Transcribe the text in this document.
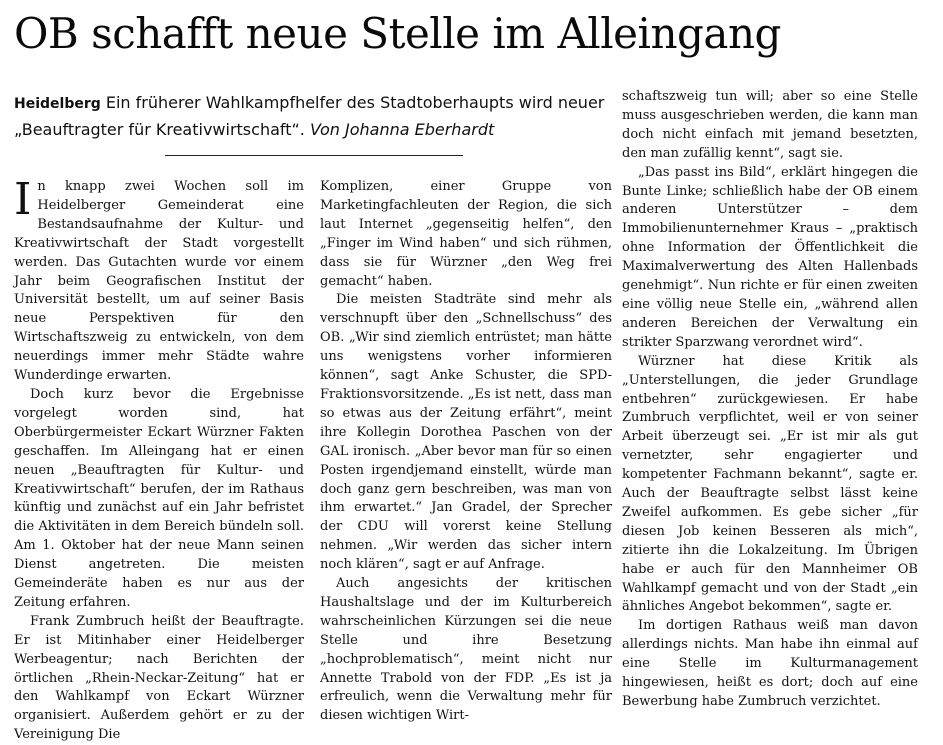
OB schafft neue Stelle im Alleingang
Heidelberg Ein früherer Wahlkampfhelfer des Stadtoberhaupts wird neuer „Beauftragter für Kreativwirtschaft“. Von Johanna Eberhardt

In knapp zwei Wochen soll im Heidelberger Gemeinderat eine Bestandsaufnahme der Kultur- und Kreativwirtschaft der Stadt vorgestellt werden. Das Gutachten wurde vor einem Jahr beim Geografischen Institut der Universität bestellt, um auf seiner Basis neue Perspektiven für den Wirtschaftszweig zu entwickeln, von dem neuerdings immer mehr Städte wahre Wunderdinge erwarten.

Doch kurz bevor die Ergebnisse vorgelegt worden sind, hat Oberbürgermeister Eckart Würzner Fakten geschaffen. Im Alleingang hat er einen neuen „Beauftragten für Kultur- und Kreativwirtschaft“ berufen, der im Rathaus künftig und zunächst auf ein Jahr befristet die Aktivitäten in dem Bereich bündeln soll. Am 1. Oktober hat der neue Mann seinen Dienst angetreten. Die meisten Gemeinderäte haben es nur aus der Zeitung erfahren.

Frank Zumbruch heißt der Beauftragte. Er ist Mitinhaber einer Heidelberger Werbeagentur; nach Berichten der örtlichen „Rhein-Neckar-Zeitung“ hat er den Wahlkampf von Eckart Würzner organisiert. Außerdem gehört er zu der Vereinigung Die

Komplizen, einer Gruppe von Marketingfachleuten der Region, die sich laut Internet „gegenseitig helfen“, den „Finger im Wind haben“ und sich rühmen, dass sie für Würzner „den Weg frei gemacht“ haben.

Die meisten Stadträte sind mehr als verschnupft über den „Schnellschuss“ des OB. „Wir sind ziemlich entrüstet; man hätte uns wenigstens vorher informieren können“, sagt Anke Schuster, die SPD-Fraktionsvorsitzende. „Es ist nett, dass man so etwas aus der Zeitung erfährt“, meint ihre Kollegin Dorothea Paschen von der GAL ironisch. „Aber bevor man für so einen Posten irgendjemand einstellt, würde man doch ganz gern beschreiben, was man von ihm erwartet.“ Jan Gradel, der Sprecher der CDU will vorerst keine Stellung nehmen. „Wir werden das sicher intern noch klären“, sagt er auf Anfrage.

Auch angesichts der kritischen Haushaltslage und der im Kulturbereich wahrscheinlichen Kürzungen sei die neue Stelle und ihre Besetzung „hochproblematisch“, meint nicht nur Annette Trabold von der FDP. „Es ist ja erfreulich, wenn die Verwaltung mehr für diesen wichtigen Wirt-

schaftszweig tun will; aber so eine Stelle muss ausgeschrieben werden, die kann man doch nicht einfach mit jemand besetzten, den man zufällig kennt“, sagt sie.

„Das passt ins Bild“, erklärt hingegen die Bunte Linke; schließlich habe der OB einem anderen Unterstützer – dem Immobilienunternehmer Kraus – „praktisch ohne Information der Öffentlichkeit die Maximalverwertung des Alten Hallenbads genehmigt“. Nun richte er für einen zweiten eine völlig neue Stelle ein, „während allen anderen Bereichen der Verwaltung ein strikter Sparzwang verordnet wird“.

Würzner hat diese Kritik als „Unterstellungen, die jeder Grundlage entbehren“ zurückgewiesen. Er habe Zumbruch verpflichtet, weil er von seiner Arbeit überzeugt sei. „Er ist mir als gut vernetzter, sehr engagierter und kompetenter Fachmann bekannt“, sagte er. Auch der Beauftragte selbst lässt keine Zweifel aufkommen. Es gebe sicher „für diesen Job keinen Besseren als mich“, zitierte ihn die Lokalzeitung. Im Übrigen habe er auch für den Mannheimer OB Wahlkampf gemacht und von der Stadt „ein ähnliches Angebot bekommen“, sagte er.

Im dortigen Rathaus weiß man davon allerdings nichts. Man habe ihn einmal auf eine Stelle im Kulturmanagement hingewiesen, heißt es dort; doch auf eine Bewerbung habe Zumbruch verzichtet.
